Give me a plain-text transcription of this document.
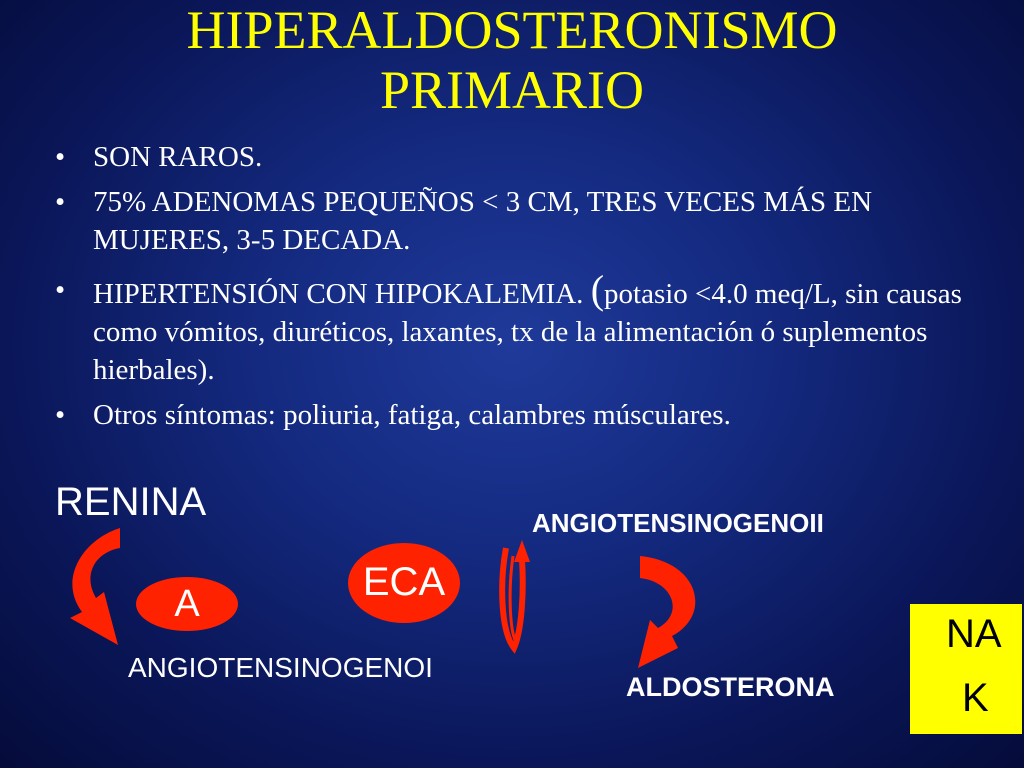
HIPERALDOSTERONISMO
PRIMARIO
• SON RAROS.
• 75% ADENOMAS PEQUEÑOS < 3 CM, TRES VECES MÁS EN MUJERES, 3-5 DECADA.
• HIPERTENSIÓN CON HIPOKALEMIA. (potasio <4.0 meq/L, sin causas como vómitos, diuréticos, laxantes, tx de la alimentación ó suplementos hierbales).
• Otros síntomas: poliuria, fatiga, calambres músculares.
RENINA
A
ANGIOTENSINOGENOI
ECA
ANGIOTENSINOGENOII
ALDOSTERONA
NA
K
